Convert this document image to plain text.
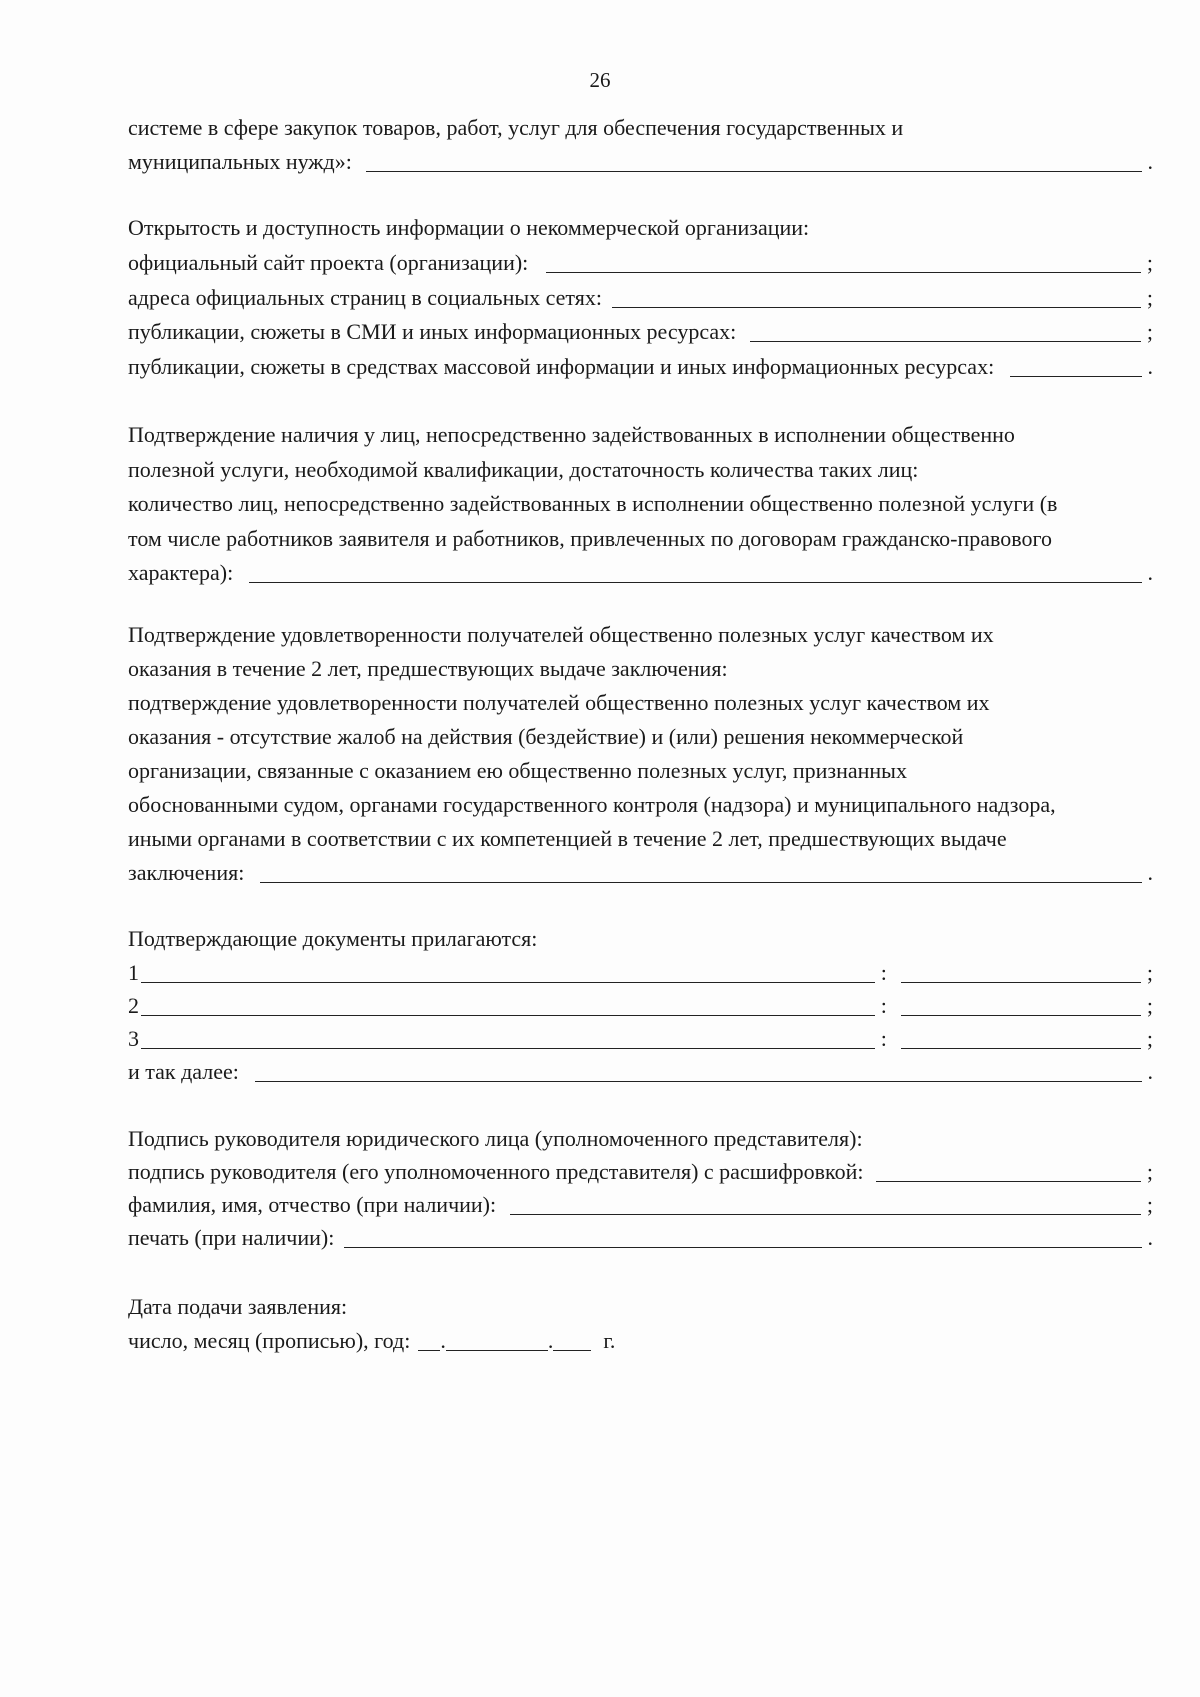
26
системе в сфере закупок товаров, работ, услуг для обеспечения государственных и
муниципальных нужд»:	.
Открытость и доступность информации о некоммерческой организации:
официальный сайт проекта (организации):	;
адреса официальных страниц в социальных сетях:	;
публикации, сюжеты в СМИ и иных информационных ресурсах:	;
публикации, сюжеты в средствах массовой информации и иных информационных ресурсах:	.
Подтверждение наличия у лиц, непосредственно задействованных в исполнении общественно
полезной услуги, необходимой квалификации, достаточность количества таких лиц:
количество лиц, непосредственно задействованных в исполнении общественно полезной услуги (в
том числе работников заявителя и работников, привлеченных по договорам гражданско-правового
характера):	.
Подтверждение удовлетворенности получателей общественно полезных услуг качеством их
оказания в течение 2 лет, предшествующих выдаче заключения:
подтверждение удовлетворенности получателей общественно полезных услуг качеством их
оказания - отсутствие жалоб на действия (бездействие) и (или) решения некоммерческой
организации, связанные с оказанием ею общественно полезных услуг, признанных
обоснованными судом, органами государственного контроля (надзора) и муниципального надзора,
иными органами в соответствии с их компетенцией в течение 2 лет, предшествующих выдаче
заключения:	.
Подтверждающие документы прилагаются:
1	:	;
2	:	;
3	:	;
и так далее:	.
Подпись руководителя юридического лица (уполномоченного представителя):
подпись руководителя (его уполномоченного представителя) с расшифровкой:	;
фамилия, имя, отчество (при наличии):	;
печать (при наличии):	.
Дата подачи заявления:
число, месяц (прописью), год: .	. г.
